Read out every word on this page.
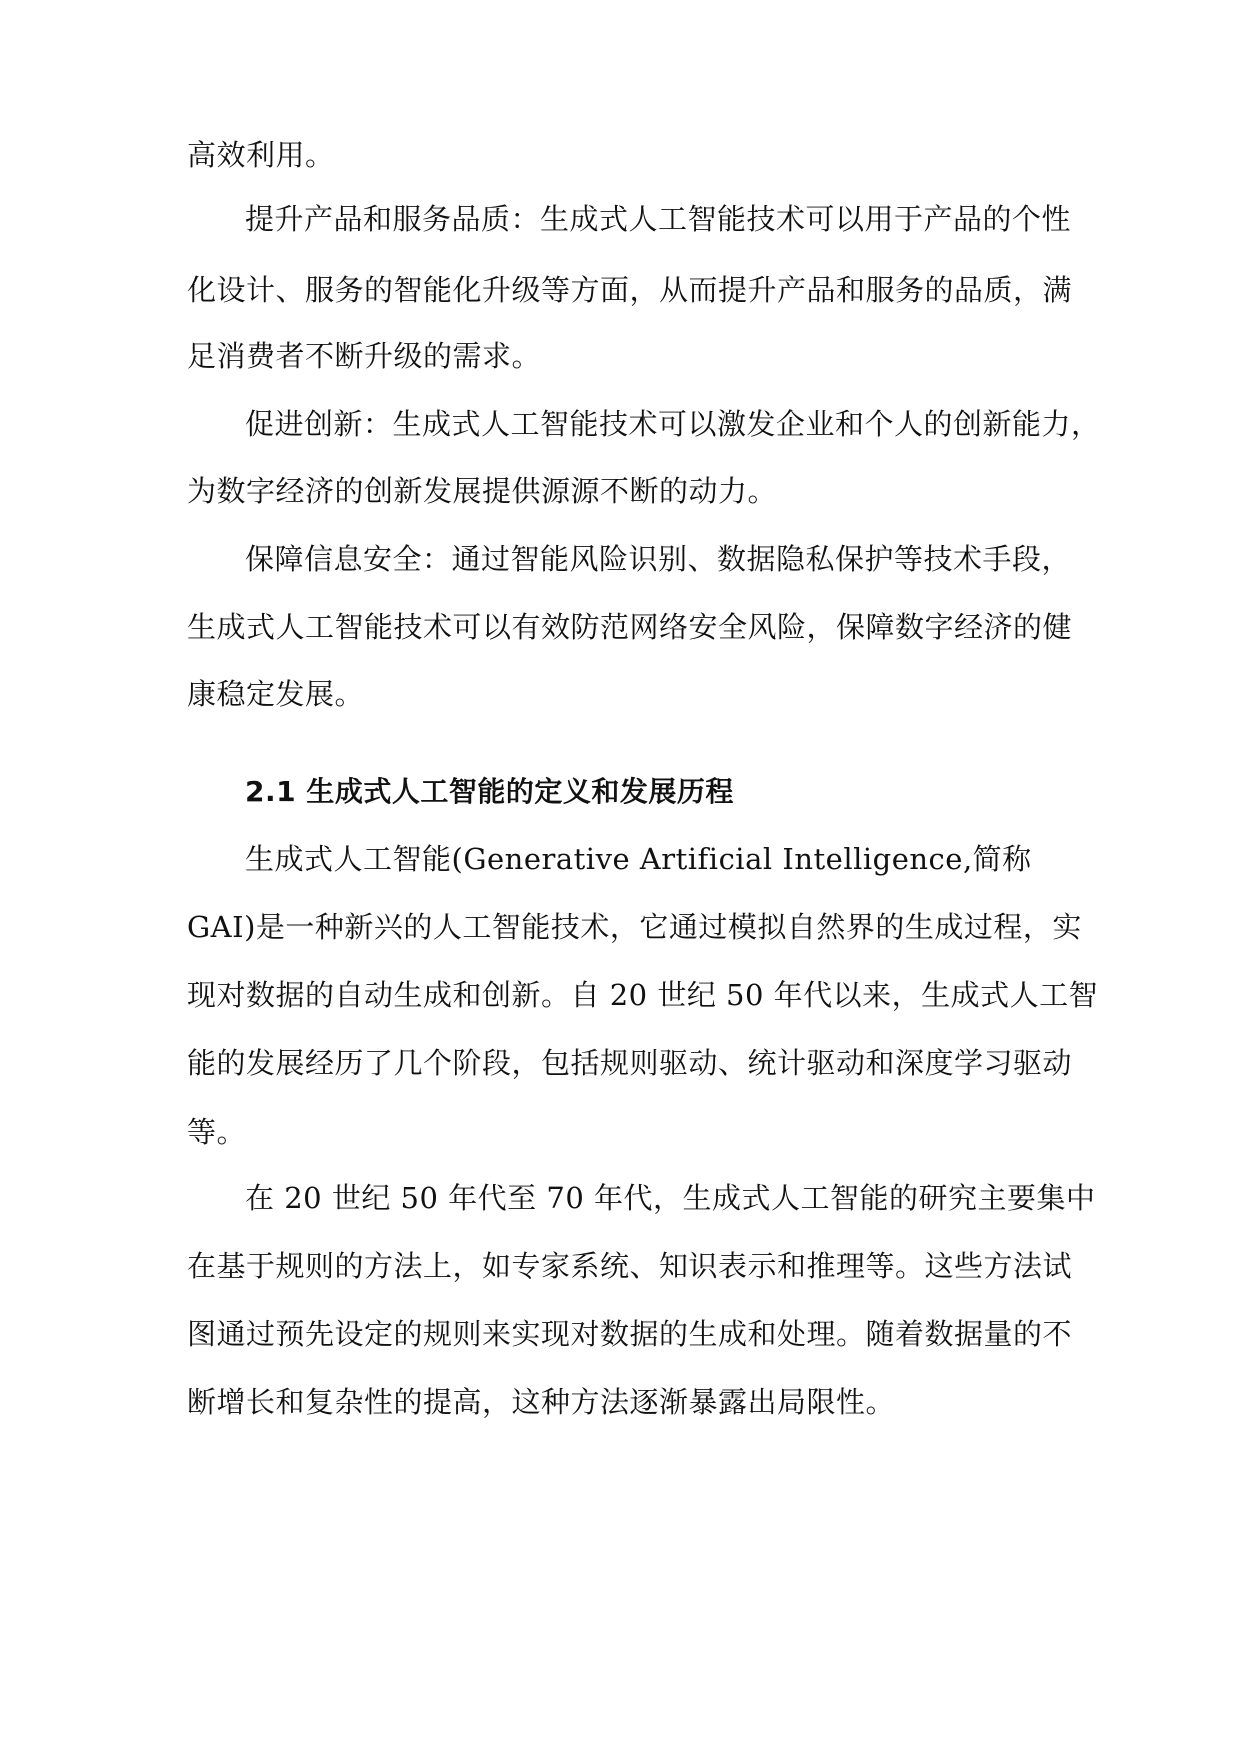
高效利用。
提升产品和服务品质：生成式人工智能技术可以用于产品的个性
化设计、服务的智能化升级等方面，从而提升产品和服务的品质，满
足消费者不断升级的需求。
促进创新：生成式人工智能技术可以激发企业和个人的创新能力，
为数字经济的创新发展提供源源不断的动力。
保障信息安全：通过智能风险识别、数据隐私保护等技术手段，
生成式人工智能技术可以有效防范网络安全风险，保障数字经济的健
康稳定发展。
2.1 生成式人工智能的定义和发展历程
生成式人工智能(Generative Artificial Intelligence,简称
GAI)是一种新兴的人工智能技术，它通过模拟自然界的生成过程，实
现对数据的自动生成和创新。自 20 世纪 50 年代以来，生成式人工智
能的发展经历了几个阶段，包括规则驱动、统计驱动和深度学习驱动
等。
在 20 世纪 50 年代至 70 年代，生成式人工智能的研究主要集中
在基于规则的方法上，如专家系统、知识表示和推理等。这些方法试
图通过预先设定的规则来实现对数据的生成和处理。随着数据量的不
断增长和复杂性的提高，这种方法逐渐暴露出局限性。
